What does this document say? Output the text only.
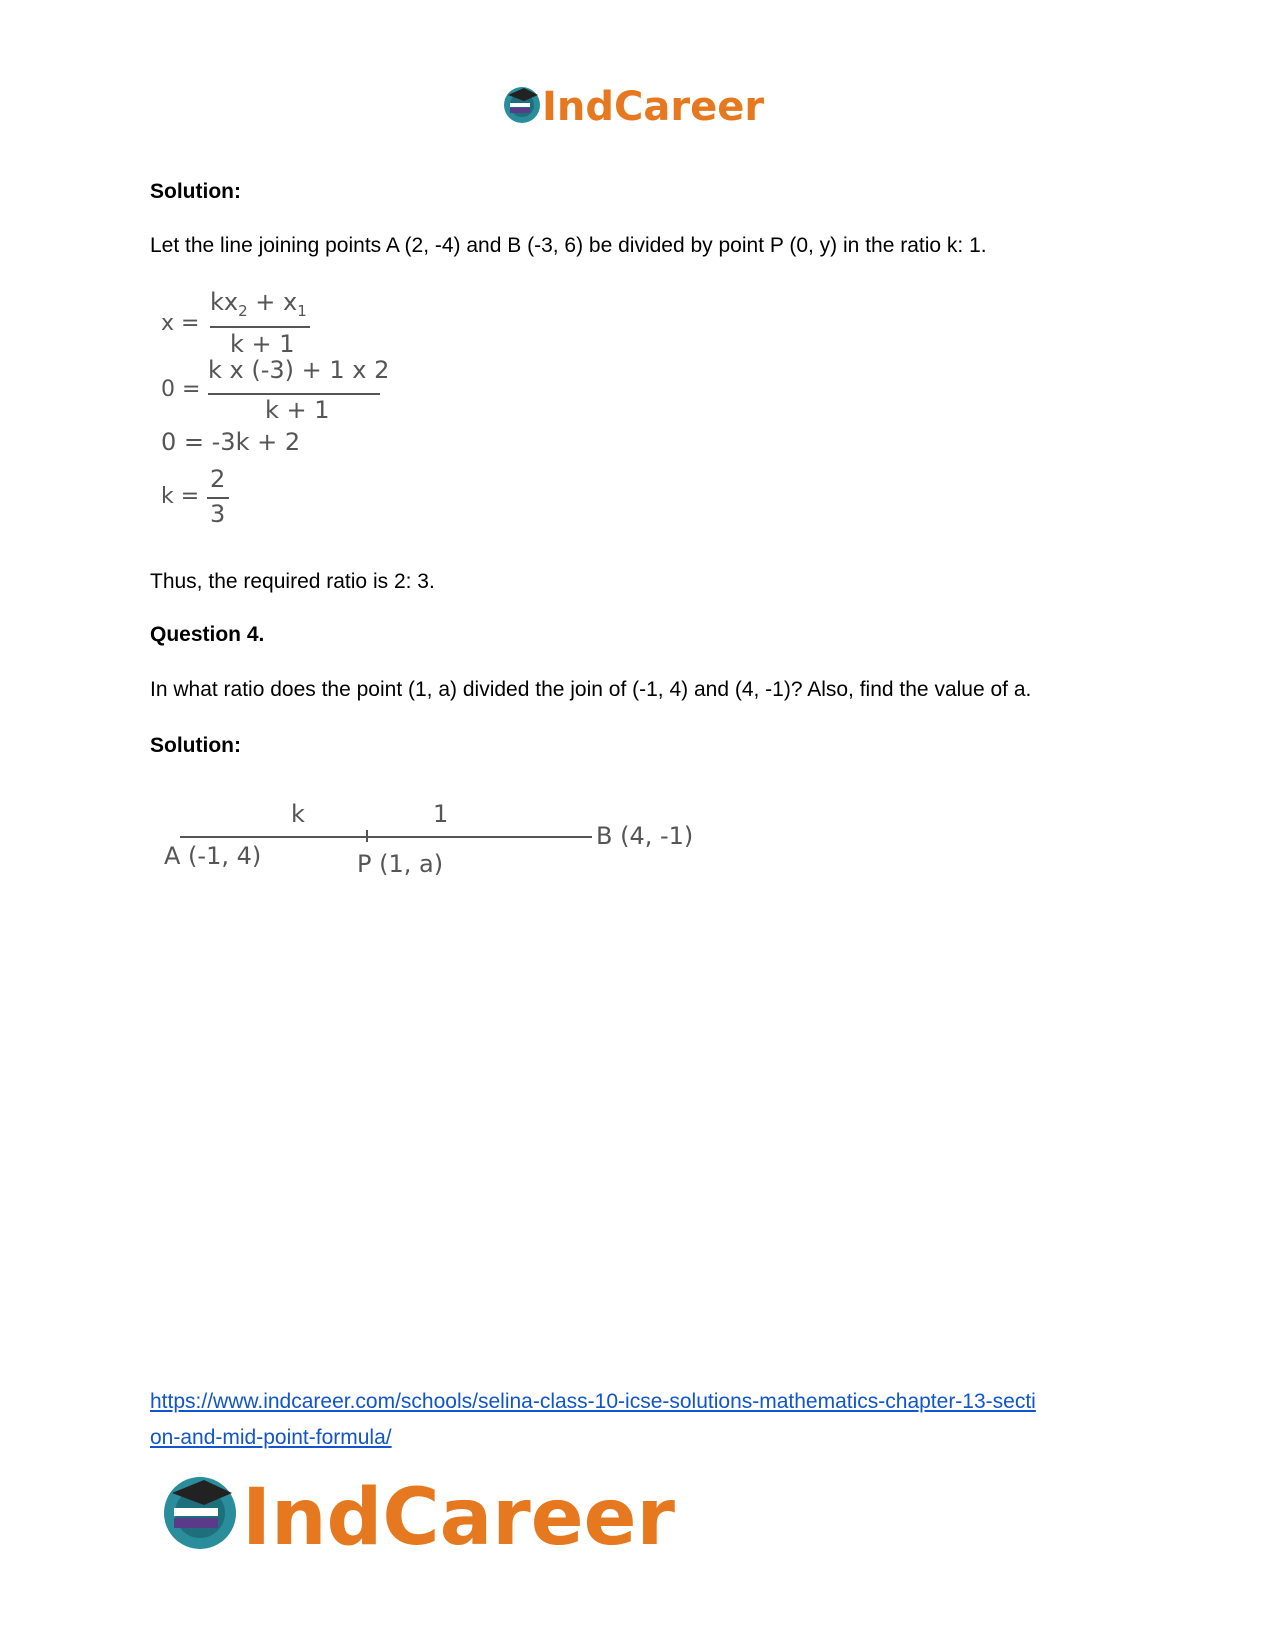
IndCareer
Solution:
Let the line joining points A (2, -4) and B (-3, 6) be divided by point P (0, y) in the ratio k: 1.
x =
$kx_2 + x_1$
k + 1
0 =
k x (-3) + 1 x 2
k + 1
0 = -3k + 2
k =
2
3
Thus, the required ratio is 2: 3.
Question 4.
In what ratio does the point (1, a) divided the join of (-1, 4) and (4, -1)? Also, find the value of a.
Solution:
k	1
A (-1, 4)	P (1, a)
B (4, -1)
https://www.indcareer.com/schools/selina-class-10-icse-solutions-mathematics-chapter-13-secti
on-and-mid-point-formula/
IndCareer
